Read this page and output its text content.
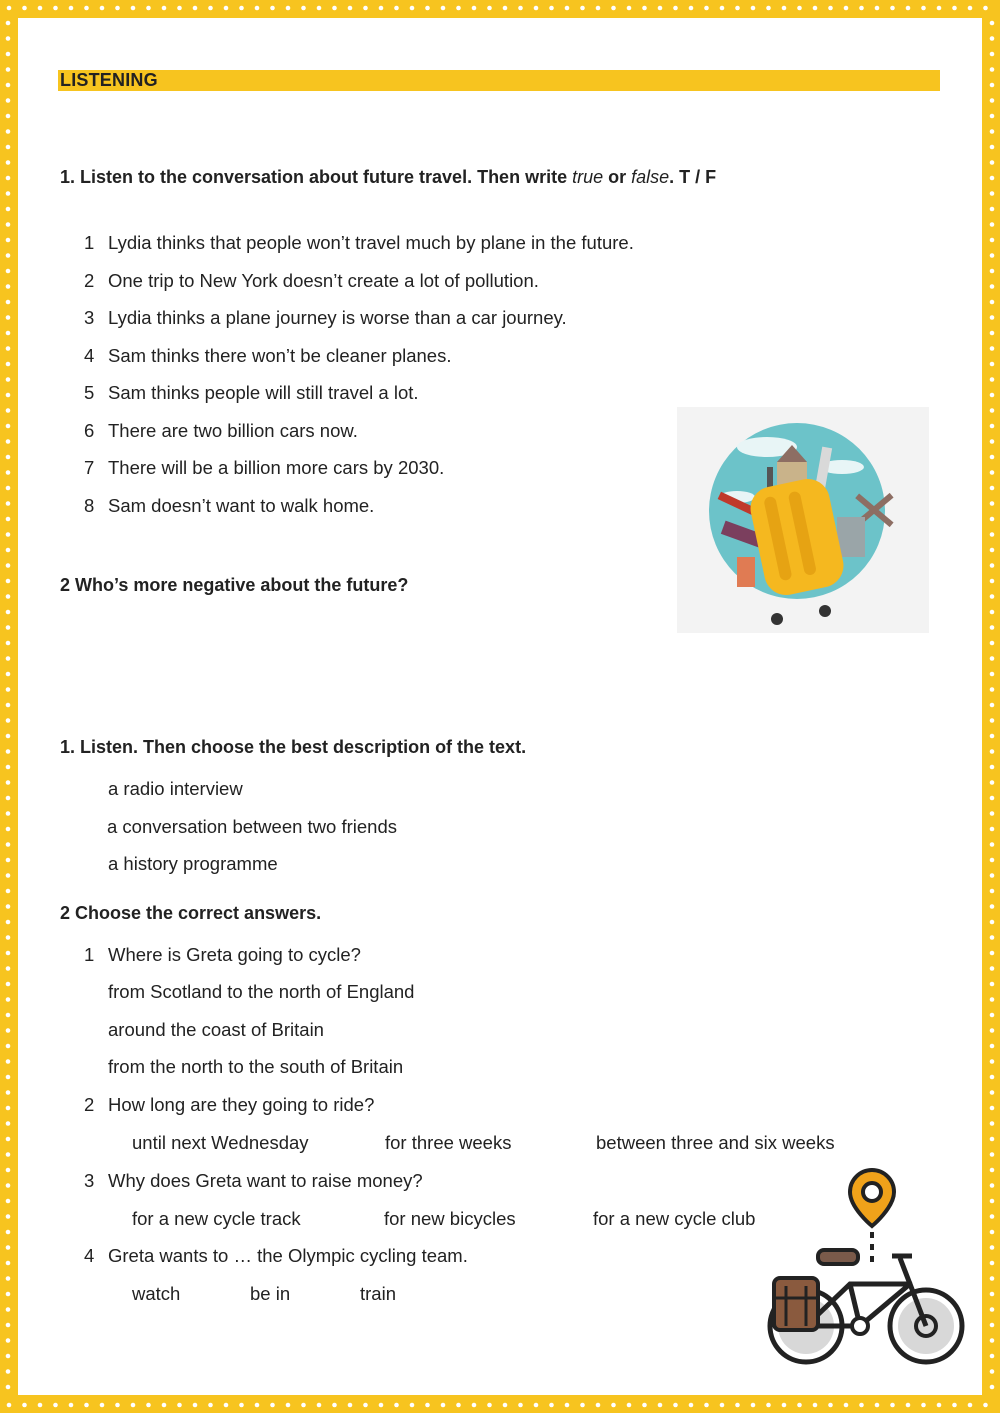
LISTENING
1. Listen to the conversation about future travel. Then write true or false. T / F
1 Lydia thinks that people won’t travel much by plane in the future.
2 One trip to New York doesn’t create a lot of pollution.
3 Lydia thinks a plane journey is worse than a car journey.
4 Sam thinks there won’t be cleaner planes.
5 Sam thinks people will still travel a lot.
6 There are two billion cars now.
7 There will be a billion more cars by 2030.
8 Sam doesn’t want to walk home.
2 Who’s more negative about the future?
1. Listen. Then choose the best description of the text.
a radio interview
a conversation between two friends
a history programme
2 Choose the correct answers.
1 Where is Greta going to cycle?
from Scotland to the north of England
around the coast of Britain
from the north to the south of Britain
2 How long are they going to ride?
until next Wednesday	for three weeks	between three and six weeks
3 Why does Greta want to raise money?
for a new cycle track	for new bicycles	for a new cycle club
4 Greta wants to … the Olympic cycling team.
watch	be in	train
